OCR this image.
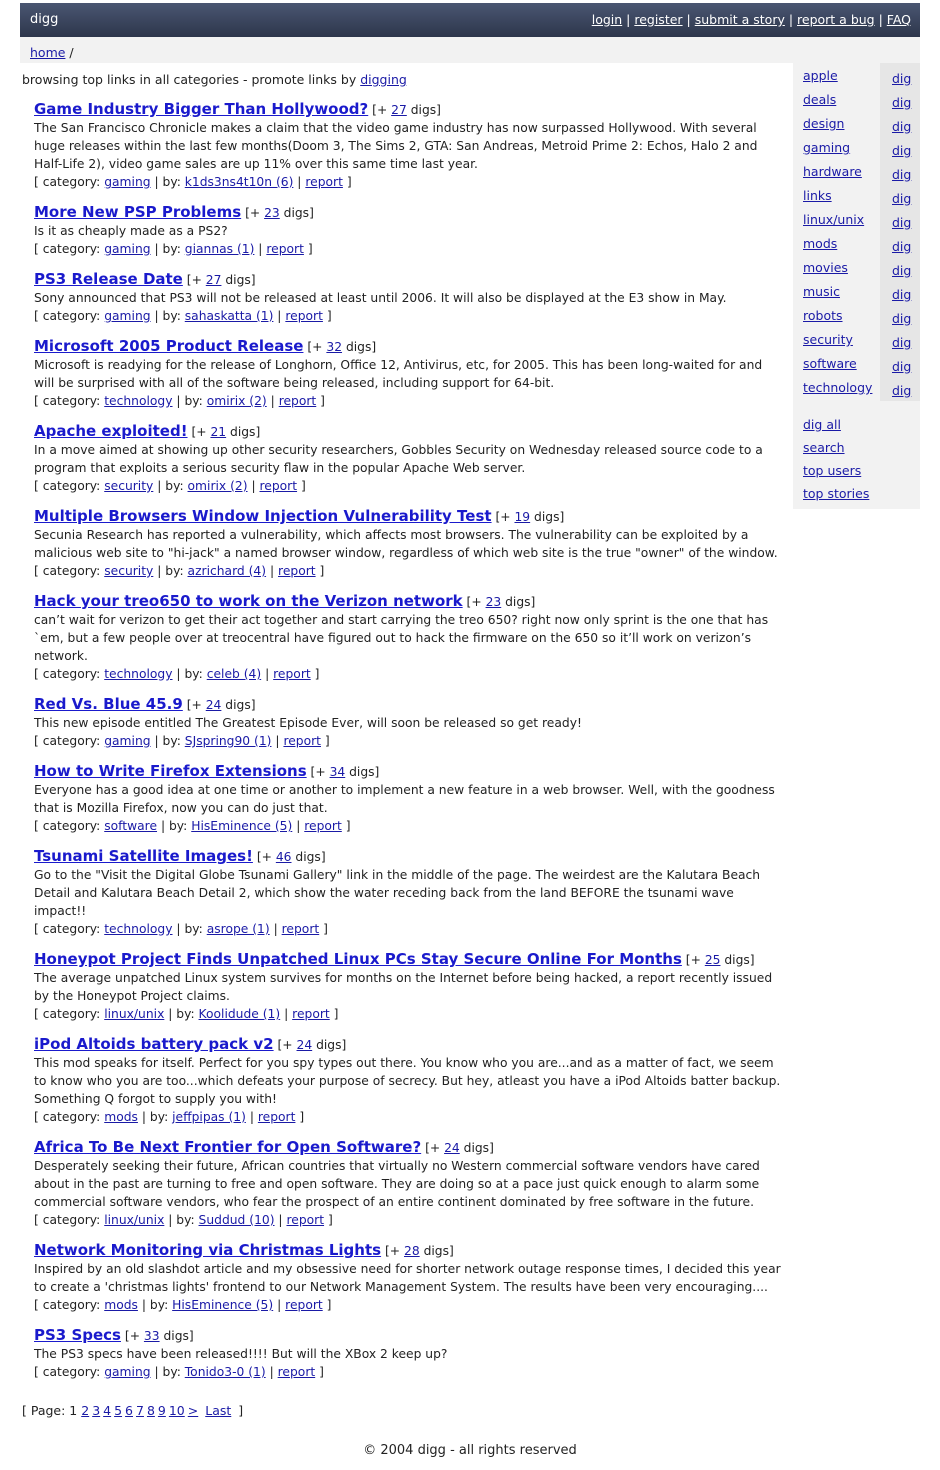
digg	login | register | submit a story | report a bug | FAQ
home /
browsing top links in all categories - promote links by digging
Game Industry Bigger Than Hollywood? [+ 27 digs]
The San Francisco Chronicle makes a claim that the video game industry has now surpassed Hollywood. With several huge releases within the last few months(Doom 3, The Sims 2, GTA: San Andreas, Metroid Prime 2: Echos, Halo 2 and Half-Life 2), video game sales are up 11% over this same time last year.
[ category: gaming | by: k1ds3ns4t10n (6) | report ]
More New PSP Problems [+ 23 digs]
Is it as cheaply made as a PS2?
[ category: gaming | by: giannas (1) | report ]
PS3 Release Date [+ 27 digs]
Sony announced that PS3 will not be released at least until 2006. It will also be displayed at the E3 show in May.
[ category: gaming | by: sahaskatta (1) | report ]
Microsoft 2005 Product Release [+ 32 digs]
Microsoft is readying for the release of Longhorn, Office 12, Antivirus, etc, for 2005. This has been long-waited for and will be surprised with all of the software being released, including support for 64-bit.
[ category: technology | by: omirix (2) | report ]
Apache exploited! [+ 21 digs]
In a move aimed at showing up other security researchers, Gobbles Security on Wednesday released source code to a program that exploits a serious security flaw in the popular Apache Web server.
[ category: security | by: omirix (2) | report ]
Multiple Browsers Window Injection Vulnerability Test [+ 19 digs]
Secunia Research has reported a vulnerability, which affects most browsers. The vulnerability can be exploited by a malicious web site to "hi-jack" a named browser window, regardless of which web site is the true "owner" of the window.
[ category: security | by: azrichard (4) | report ]
Hack your treo650 to work on the Verizon network [+ 23 digs]
can’t wait for verizon to get their act together and start carrying the treo 650? right now only sprint is the one that has `em, but a few people over at treocentral have figured out to hack the firmware on the 650 so it’ll work on verizon’s network.
[ category: technology | by: celeb (4) | report ]
Red Vs. Blue 45.9 [+ 24 digs]
This new episode entitled The Greatest Episode Ever, will soon be released so get ready!
[ category: gaming | by: SJspring90 (1) | report ]
How to Write Firefox Extensions [+ 34 digs]
Everyone has a good idea at one time or another to implement a new feature in a web browser. Well, with the goodness that is Mozilla Firefox, now you can do just that.
[ category: software | by: HisEminence (5) | report ]
Tsunami Satellite Images! [+ 46 digs]
Go to the "Visit the Digital Globe Tsunami Gallery" link in the middle of the page. The weirdest are the Kalutara Beach Detail and Kalutara Beach Detail 2, which show the water receding back from the land BEFORE the tsunami wave impact!!
[ category: technology | by: asrope (1) | report ]
Honeypot Project Finds Unpatched Linux PCs Stay Secure Online For Months [+ 25 digs]
The average unpatched Linux system survives for months on the Internet before being hacked, a report recently issued by the Honeypot Project claims.
[ category: linux/unix | by: Koolidude (1) | report ]
iPod Altoids battery pack v2 [+ 24 digs]
This mod speaks for itself. Perfect for you spy types out there. You know who you are...and as a matter of fact, we seem to know who you are too...which defeats your purpose of secrecy. But hey, atleast you have a iPod Altoids batter backup. Something Q forgot to supply you with!
[ category: mods | by: jeffpipas (1) | report ]
Africa To Be Next Frontier for Open Software? [+ 24 digs]
Desperately seeking their future, African countries that virtually no Western commercial software vendors have cared about in the past are turning to free and open software. They are doing so at a pace just quick enough to alarm some commercial software vendors, who fear the prospect of an entire continent dominated by free software in the future.
[ category: linux/unix | by: Suddud (10) | report ]
Network Monitoring via Christmas Lights [+ 28 digs]
Inspired by an old slashdot article and my obsessive need for shorter network outage response times, I decided this year to create a 'christmas lights' frontend to our Network Management System. The results have been very encouraging....
[ category: mods | by: HisEminence (5) | report ]
PS3 Specs [+ 33 digs]
The PS3 specs have been released!!!! But will the XBox 2 keep up?
[ category: gaming | by: Tonido3-0 (1) | report ]
[ Page: 1 2 3 4 5 6 7 8 9 10 > Last ]
apple	dig
deals	dig
design	dig
gaming	dig
hardware dig
links	dig
linux/unix dig
mods	dig
movies	dig
music	dig
robots	dig
security	dig
software	dig
technology dig
dig all
search
top users
top stories
© 2004 digg - all rights reserved
